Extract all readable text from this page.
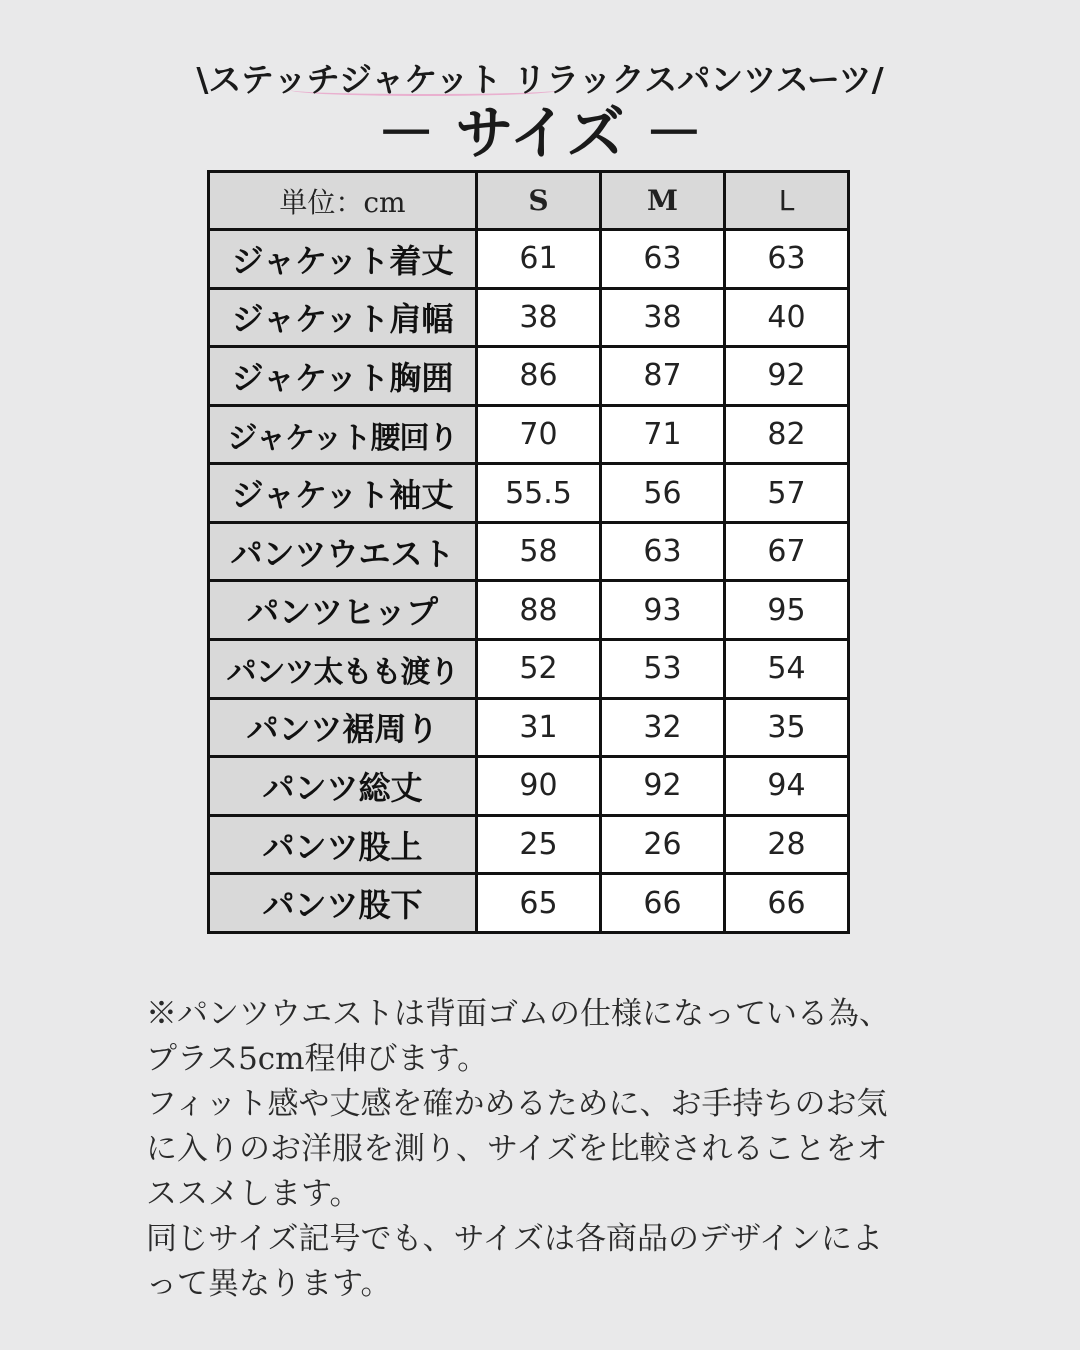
\ステッチジャケット リラックスパンツスーツ/
－ サイズ －
単位：cm	S	M	L
ジャケット着丈	61	63	63
ジャケット肩幅	38	38	40
ジャケット胸囲	86	87	92
ジャケット腰回り	70	71	82
ジャケット袖丈	55.5	56	57
パンツウエスト	58	63	67
パンツヒップ	88	93	95
パンツ太もも渡り	52	53	54
パンツ裾周り	31	32	35
パンツ総丈	90	92	94
パンツ股上	25	26	28
パンツ股下	65	66	66

※パンツウエストは背面ゴムの仕様になっている為、

プラス5cm程伸びます。

フィット感や丈感を確かめるために、お手持ちのお気

に入りのお洋服を測り、サイズを比較されることをオ

ススメします。

同じサイズ記号でも、サイズは各商品のデザインによ

って異なります。
